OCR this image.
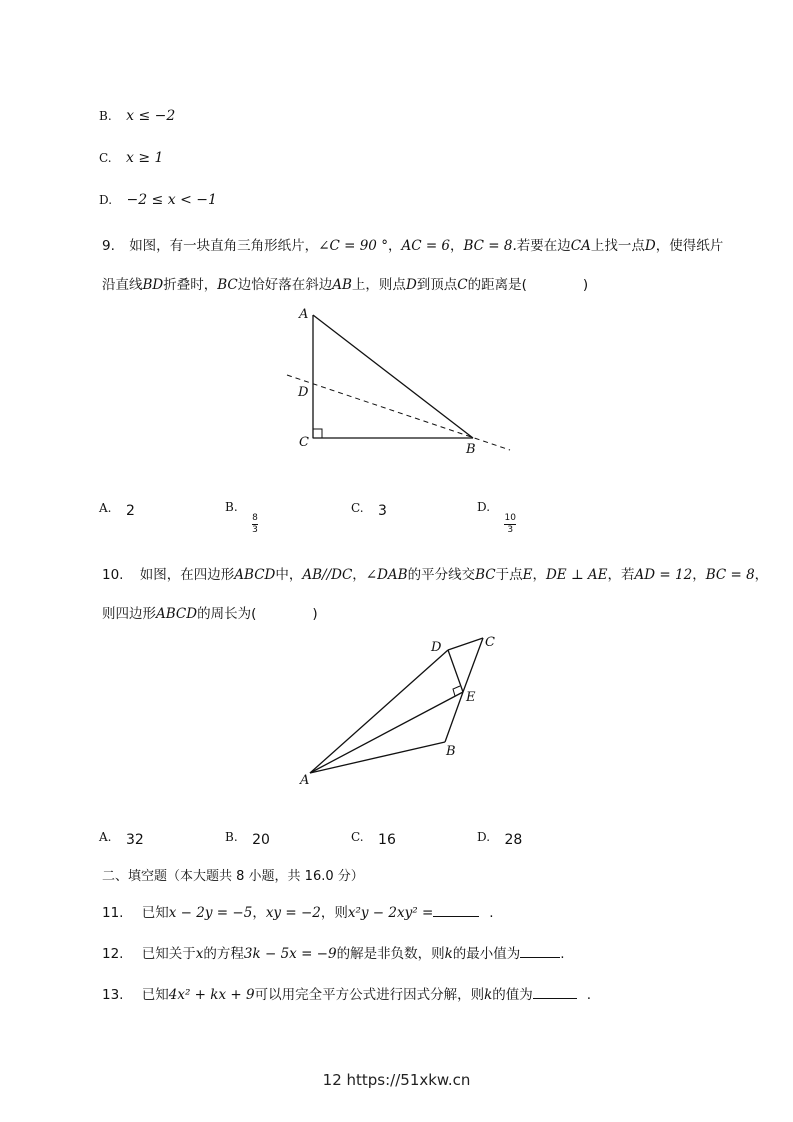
B. x ≤ −2
C. x ≥ 1
D. −2 ≤ x < −1
9. 如图，有一块直角三角形纸片，∠C = 90 °，AC = 6，BC = 8.若要在边CA上找一点D，使得纸片
沿直线BD折叠时，BC边恰好落在斜边AB上，则点D到顶点C的距离是(	)
A
D
C	B
A. 2	B.
$\frac{8}{3}$
C. 3	D.
$\frac{10}{3}$
10. 如图，在四边形ABCD中，AB//DC，∠DAB的平分线交BC于点E，DE ⊥ AE，若AD = 12，BC = 8，
则四边形ABCD的周长为(	)
D	C
E
B
A
A. 32	B. 20	C. 16	D. 28
二、填空题（本大题共 8 小题，共 16.0 分）
11. 已知x − 2y = −5，xy = −2，则x²y − 2xy² =	.
12. 已知关于x的方程3k − 5x = −9的解是非负数，则k的最小值为	.
13. 已知4x² + kx + 9可以用完全平方公式进行因式分解，则k的值为	.
12 https://51xkw.cn
